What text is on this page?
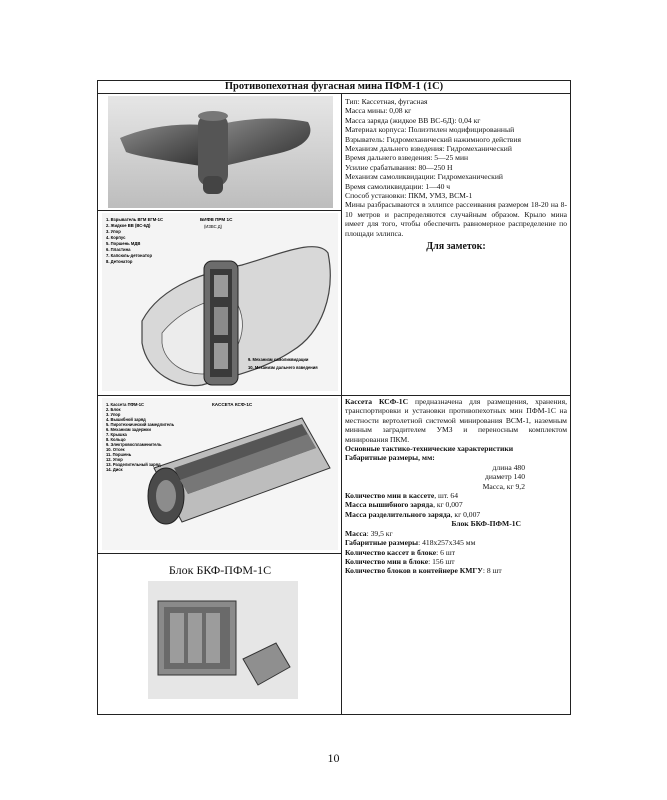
Противопехотная фугасная мина ПФМ-1 (1С)
1. Взрыватель ВГМ ЕГМ-1С
2. Жидкое ВВ (ВС-6Д)
3. Упор
4. Корпус
5. Поршень МДВ
6. Пластина
7. Капсюль-детонатор
8. Детонатор
БИФВ ПРМ 1С
(ИЗВС Д)
9. Механизм самоликвидации
10. Механизм дальнего взведения
1. Кассета ПФМ-1С
2. Блок
3. Упор
4. Вышибной заряд
5. Пиротехнический замедлитель
6. Механизм задержки
7. Крышка
8. Кольцо
9. Электровоспламенитель
10. Отсек
11. Поршень
12. Упор
13. Разделительный заряд
14. Диск
КАССЕТА КСФ-1С
Блок БКФ-ПФМ-1С

Тип: Кассетная, фугасная

Масса мины: 0,08 кг

Масса заряда (жидкое ВВ ВС-6Д): 0,04 кг

Материал корпуса: Полиэтилен модифицированный

Взрыватель: Гидромеханический нажимного действия

Механизм дальнего взведения: Гидромеханический

Время дальнего взведения: 5—25 мин

Усилие срабатывания: 80—250 Н

Механизм самоликвидации: Гидромеханический

Время самоликвидации: 1—40 ч

Способ установки: ПКМ, УМЗ, ВСМ-1

Мины разбрасываются в эллипсе рассеивания размером 18-20 на 8-10 метров и распределяются случайным образом. Крыло мина имеет для того, чтобы обеспечить равномерное распределение по площади эллипса.

Для заметок:

Кассета КСФ-1С предназначена для размещения, хранения, транспортировки и установки противопехотных мин ПФМ-1С на местности вертолетной системой минирования ВСМ-1, наземным минным заградителем УМЗ и переносным комплектом минирования ПКМ.

Основные тактико-технические характеристики

Габаритные размеры, мм:

длина 480

диаметр 140

Масса, кг 9,2

Количество мин в кассете, шт. 64

Масса вышибного заряда, кг 0,007

Масса разделительного заряда, кг 0,007

Блок БКФ-ПФМ-1С

Масса: 39,5 кг

Габаритные размеры: 418х257х345 мм

Количество кассет в блоке: 6 шт

Количество мин в блоке: 156 шт

Количество блоков в контейнере КМГУ: 8 шт

10
